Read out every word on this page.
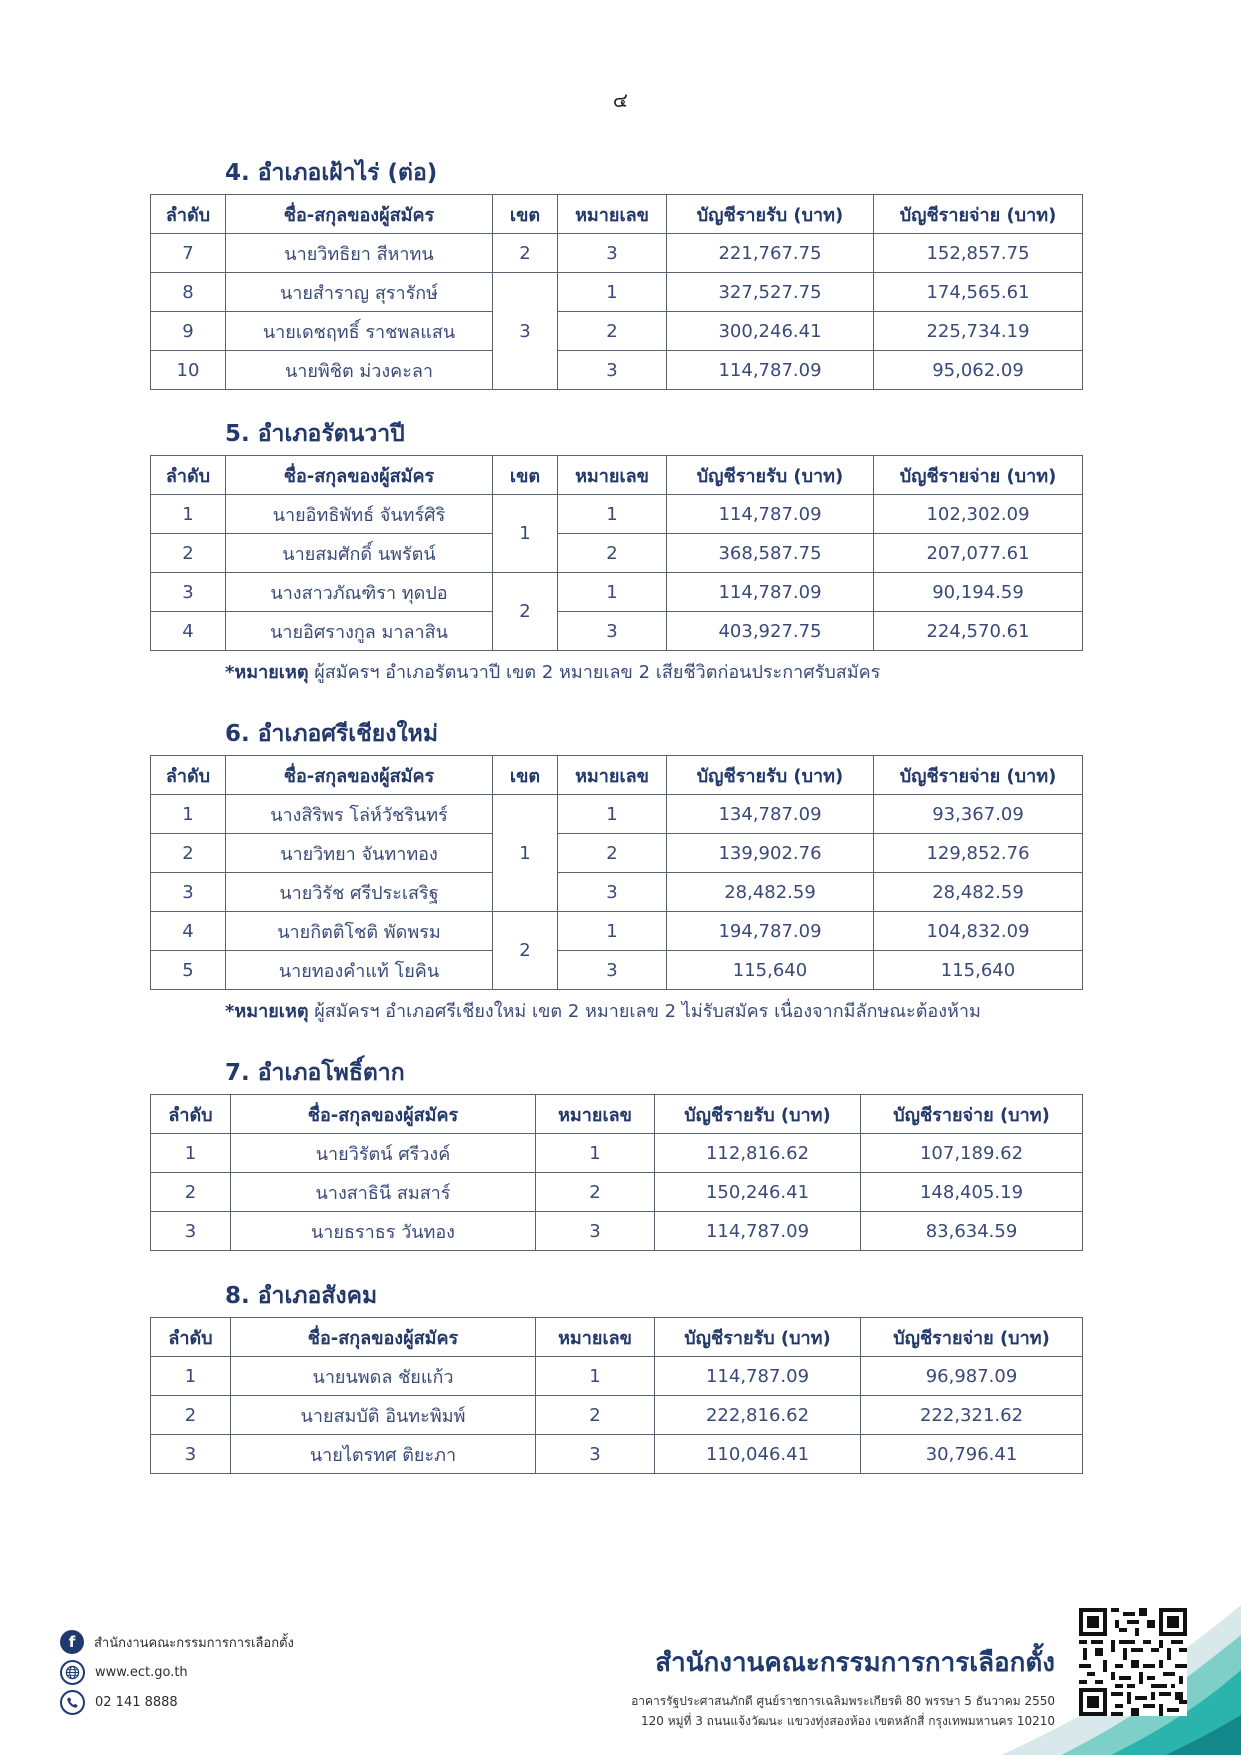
๔
4. อำเภอเฝ้าไร่ (ต่อ)
ลำดับ	ชื่อ-สกุลของผู้สมัคร	เขต	หมายเลข	บัญชีรายรับ (บาท)	บัญชีรายจ่าย (บาท)
7	นายวิทธิยา สีหาทน	2	3	221,767.75	152,857.75
8	นายสำราญ สุรารักษ์	3	1	327,527.75	174,565.61
9	นายเดชฤทธิ์ ราชพลแสน		2	300,246.41	225,734.19
10	นายพิชิต ม่วงคะลา		3	114,787.09	95,062.09
5. อำเภอรัตนวาปี
ลำดับ	ชื่อ-สกุลของผู้สมัคร	เขต	หมายเลข	บัญชีรายรับ (บาท)	บัญชีรายจ่าย (บาท)
1	นายอิทธิพัทธ์ จันทร์ศิริ	1	1	114,787.09	102,302.09
2	นายสมศักดิ์ นพรัตน์		2	368,587.75	207,077.61
3	นางสาวภัณฑิรา ทุดปอ	2	1	114,787.09	90,194.59
4	นายอิศรางกูล มาลาสิน		3	403,927.75	224,570.61
*หมายเหตุ ผู้สมัครฯ อำเภอรัตนวาปี เขต 2 หมายเลข 2 เสียชีวิตก่อนประกาศรับสมัคร
6. อำเภอศรีเชียงใหม่
ลำดับ	ชื่อ-สกุลของผู้สมัคร	เขต	หมายเลข	บัญชีรายรับ (บาท)	บัญชีรายจ่าย (บาท)
1	นางสิริพร โล่ห์วัชรินทร์	1	1	134,787.09	93,367.09
2	นายวิทยา จันทาทอง		2	139,902.76	129,852.76
3	นายวิรัช ศรีประเสริฐ		3	28,482.59	28,482.59
4	นายกิตติโชติ พัดพรม	2	1	194,787.09	104,832.09
5	นายทองคำแท้ โยคิน		3	115,640	115,640
*หมายเหตุ ผู้สมัครฯ อำเภอศรีเชียงใหม่ เขต 2 หมายเลข 2 ไม่รับสมัคร เนื่องจากมีลักษณะต้องห้าม
7. อำเภอโพธิ์ตาก
ลำดับ	ชื่อ-สกุลของผู้สมัคร	หมายเลข	บัญชีรายรับ (บาท)	บัญชีรายจ่าย (บาท)
1	นายวิรัตน์ ศรีวงค์	1	112,816.62	107,189.62
2	นางสาธินี สมสาร์	2	150,246.41	148,405.19
3	นายธราธร วันทอง	3	114,787.09	83,634.59
8. อำเภอสังคม
ลำดับ	ชื่อ-สกุลของผู้สมัคร	หมายเลข	บัญชีรายรับ (บาท)	บัญชีรายจ่าย (บาท)
1	นายนพดล ชัยแก้ว	1	114,787.09	96,987.09
2	นายสมบัติ อินทะพิมพ์	2	222,816.62	222,321.62
3	นายไตรทศ ติยะภา	3	110,046.41	30,796.41
f	สำนักงานคณะกรรมการการเลือกตั้ง
www.ect.go.th
02 141 8888
สำนักงานคณะกรรมการการเลือกตั้ง
อาคารรัฐประศาสนภักดี ศูนย์ราชการเฉลิมพระเกียรติ 80 พรรษา 5 ธันวาคม 2550
120 หมู่ที่ 3 ถนนแจ้งวัฒนะ แขวงทุ่งสองห้อง เขตหลักสี่ กรุงเทพมหานคร 10210
